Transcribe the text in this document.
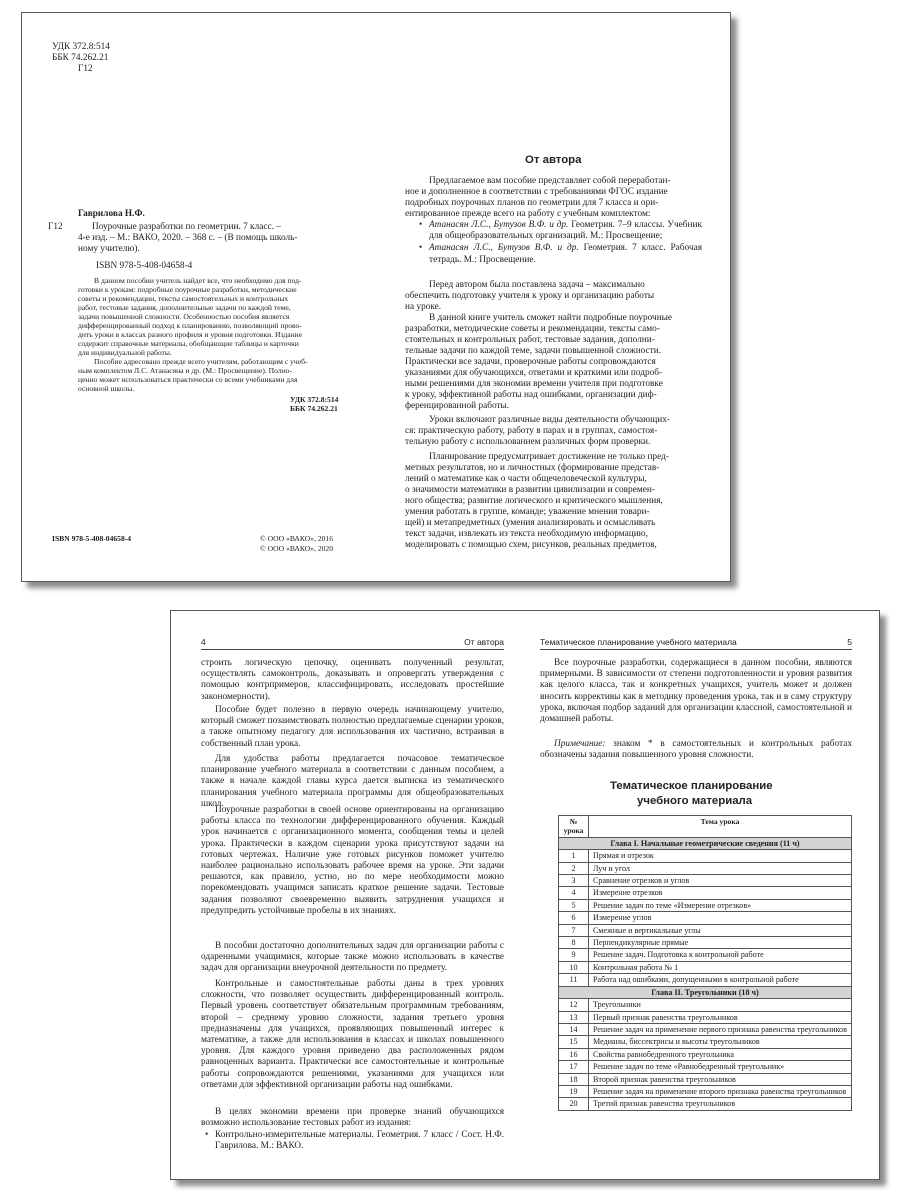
УДК 372.8:514
ББК 74.262.21
Г12
Гаврилова Н.Ф.
Г12	Поурочные разработки по геометрии. 7 класс. –
4-е изд. – М.: ВАКО, 2020. – 368 с. – (В помощь школь-
ному учителю).
ISBN 978-5-408-04658-4
В данном пособии учитель найдет все, что необходимо для под-
готовки к урокам: подробные поурочные разработки, методические
советы и рекомендации, тексты самостоятельных и контрольных
работ, тестовые задания, дополнительные задачи по каждой теме,
задачи повышенной сложности. Особенностью пособия является
дифференцированный подход к планированию, позволяющий прово-
дить уроки в классах разного профиля и уровня подготовки. Издание
содержит справочные материалы, обобщающие таблицы и карточки
для индивидуальной работы.
Пособие адресовано прежде всего учителям, работающим с учеб-
ным комплектом Л.С. Атанасяна и др. (М.: Просвещение). Полно-
ценно может использоваться практически со всеми учебниками для
основной школы.
УДК 372.8:514
ББК 74.262.21
ISBN 978-5-408-04658-4	© ООО «ВАКО», 2016
© ООО «ВАКО», 2020
От автора
Предлагаемое вам пособие представляет собой переработан-
ное и дополненное в соответствии с требованиями ФГОС издание
подробных поурочных планов по геометрии для 7 класса и ори-
ентированное прежде всего на работу с учебным комплектом:
• Атанасян Л.С., Бутузов В.Ф. и др. Геометрия. 7–9 классы. Учебник для общеобразовательных организаций. М.: Просвещение;
• Атанасян Л.С., Бутузов В.Ф. и др. Геометрия. 7 класс. Рабочая тетрадь. М.: Просвещение.
Перед автором была поставлена задача – максимально
обеспечить подготовку учителя к уроку и организацию работы
на уроке.
В данной книге учитель сможет найти подробные поурочные
разработки, методические советы и рекомендации, тексты само-
стоятельных и контрольных работ, тестовые задания, дополни-
тельные задачи по каждой теме, задачи повышенной сложности.
Практически все задачи, проверочные работы сопровождаются
указаниями для обучающихся, ответами и краткими или подроб-
ными решениями для экономии времени учителя при подготовке
к уроку, эффективной работы над ошибками, организации диф-
ференцированной работы.
Уроки включают различные виды деятельности обучающих-
ся: практическую работу, работу в парах и в группах, самостоя-
тельную работу с использованием различных форм проверки.
Планирование предусматривает достижение не только пред-
метных результатов, но и личностных (формирование представ-
лений о математике как о части общечеловеческой культуры,
о значимости математики в развитии цивилизации и современ-
ного общества; развитие логического и критического мышления,
умения работать в группе, команде; уважение мнения товари-
щей) и метапредметных (умения анализировать и осмысливать
текст задачи, извлекать из текста необходимую информацию,
моделировать с помощью схем, рисунков, реальных предметов,
4	От автора

строить логическую цепочку, оценивать полученный результат, осуществлять самоконтроль, доказывать и опровергать утверждения с помощью контрпримеров, классифицировать, исследовать простейшие закономерности).

Пособие будет полезно в первую очередь начинающему учителю, который сможет позаимствовать полностью предлагаемые сценарии уроков, а также опытному педагогу для использования их частично, встраивая в собственный план урока.

Для удобства работы предлагается почасовое тематическое планирование учебного материала в соответствии с данным пособием, а также в начале каждой главы курса дается выписка из тематического планирования учебного материала программы для общеобразовательных школ.

Поурочные разработки в своей основе ориентированы на организацию работы класса по технологии дифференцированного обучения. Каждый урок начинается с организационного момента, сообщения темы и целей урока. Практически в каждом сценарии урока присутствуют задачи на готовых чертежах. Наличие уже готовых рисунков поможет учителю наиболее рационально использовать рабочее время на уроке. Эти задачи решаются, как правило, устно, но по мере необходимости можно порекомендовать учащимся записать краткое решение задачи. Тестовые задания позволяют своевременно выявить затруднения учащихся и предупредить устойчивые пробелы в их знаниях.

В пособии достаточно дополнительных задач для организации работы с одаренными учащимися, которые также можно использовать в качестве задач для организации внеурочной деятельности по предмету.

Контрольные и самостоятельные работы даны в трех уровнях сложности, что позволяет осуществить дифференцированный контроль. Первый уровень соответствует обязательным программным требованиям, второй – среднему уровню сложности, задания третьего уровня предназначены для учащихся, проявляющих повышенный интерес к математике, а также для использования в классах и школах повышенного уровня. Для каждого уровня приведено два расположенных рядом равноценных варианта. Практически все самостоятельные и контрольные работы сопровождаются решениями, указаниями для учащихся или ответами для эффективной организации работы над ошибками.

В целях экономии времени при проверке знаний обучающихся возможно использование тестовых работ из издания:

• Контрольно-измерительные материалы. Геометрия. 7 класс / Сост. Н.Ф. Гаврилова. М.: ВАКО.
Тематическое планирование учебного материала	5

Все поурочные разработки, содержащиеся в данном пособии, являются примерными. В зависимости от степени подготовленности и уровня развития как целого класса, так и конкретных учащихся, учитель может и должен вносить коррективы как в методику проведения урока, так и в саму структуру урока, включая подбор заданий для организации классной, самостоятельной и домашней работы.

Примечание: знаком * в самостоятельных и контрольных работах обозначены задания повышенного уровня сложности.

Тематическое планирование
учебного материала
№ урока	Тема урока
Глава I. Начальные геометрические сведения (11 ч)	
1	Прямая и отрезок
2	Луч и угол
3	Сравнение отрезков и углов
4	Измерение отрезков
5	Решение задач по теме «Измерение отрезков»
6	Измерение углов
7	Смежные и вертикальные углы
8	Перпендикулярные прямые
9	Решение задач. Подготовка к контрольной работе
10	Контрольная работа № 1
11	Работа над ошибками, допущенными в контрольной работе
Глава II. Треугольники (18 ч)	
12	Треугольники
13	Первый признак равенства треугольников
14	Решение задач на применение первого признака равенства треугольников
15	Медианы, биссектрисы и высоты треугольников
16	Свойства равнобедренного треугольника
17	Решение задач по теме «Равнобедренный треугольник»
18	Второй признак равенства треугольников
19	Решение задач на применение второго признака равенства треугольников
20	Третий признак равенства треугольников
